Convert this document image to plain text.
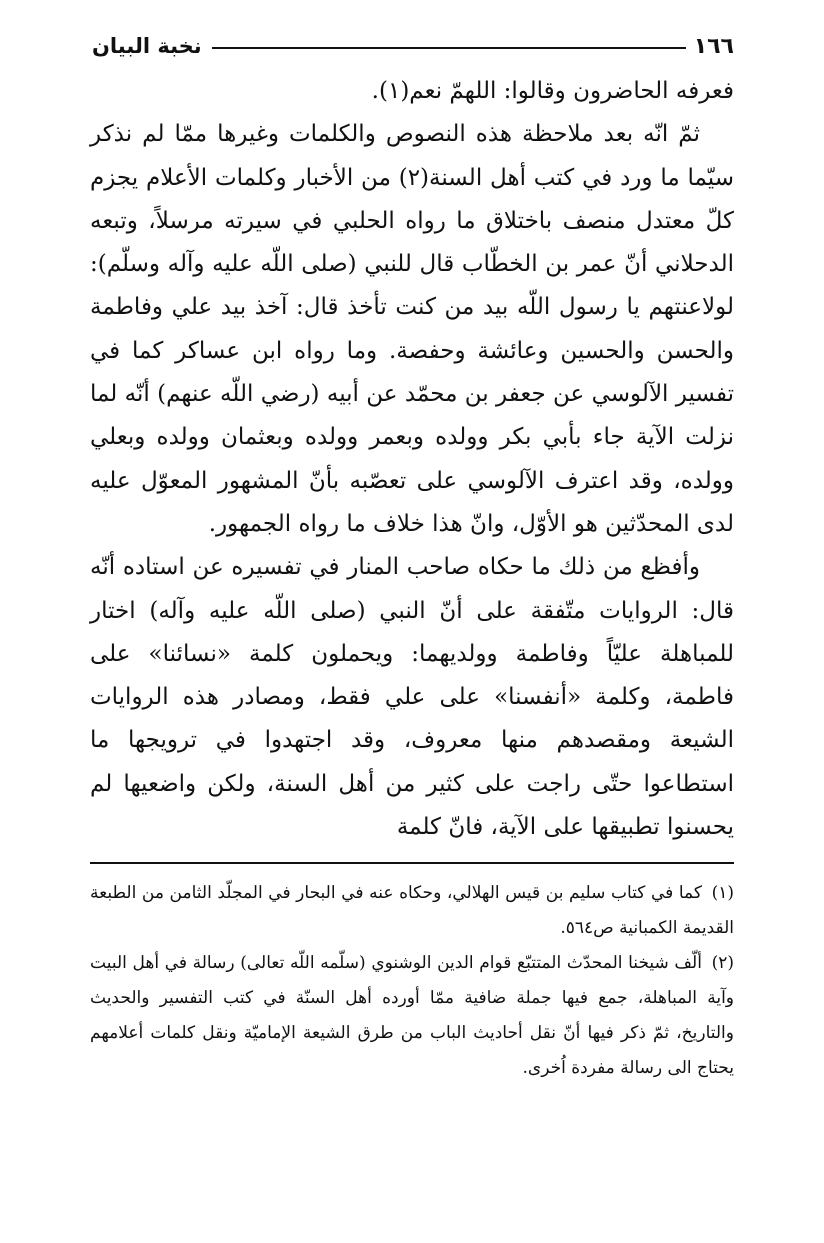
١٦٦
نخبة البيان

فعرفه الحاضرون وقالوا: اللهمّ نعم(١).

ثمّ انّه بعد ملاحظة هذه النصوص والكلمات وغيرها ممّا لم نذكر سيّما ما ورد في كتب أهل السنة(٢) من الأخبار وكلمات الأعلام يجزم كلّ معتدل منصف باختلاق ما رواه الحلبي في سيرته مرسلاً، وتبعه الدحلاني أنّ عمر بن الخطّاب قال للنبي (صلى اللّه عليه وآله وسلّم): لولاعنتهم يا رسول اللّه بيد من كنت تأخذ قال: آخذ بيد علي وفاطمة والحسن والحسين وعائشة وحفصة. وما رواه ابن عساكر كما في تفسير الآلوسي عن جعفر بن محمّد عن أبيه (رضي اللّه عنهم) أنّه لما نزلت الآية جاء بأبي بكر وولده وبعمر وولده وبعثمان وولده وبعلي وولده، وقد اعترف الآلوسي على تعصّبه بأنّ المشهور المعوّل عليه لدى المحدّثين هو الأوّل، وانّ هذا خلاف ما رواه الجمهور.

وأفظع من ذلك ما حكاه صاحب المنار في تفسيره عن استاده أنّه قال: الروايات متّفقة على أنّ النبي (صلى اللّه عليه وآله) اختار للمباهلة عليّاً وفاطمة وولديهما: ويحملون كلمة «نسائنا» على فاطمة، وكلمة «أنفسنا» على علي فقط، ومصادر هذه الروايات الشيعة ومقصدهم منها معروف، وقد اجتهدوا في ترويجها ما استطاعوا حتّى راجت على كثير من أهل السنة، ولكن واضعيها لم يحسنوا تطبيقها على الآية، فانّ كلمة

(١) كما في كتاب سليم بن قيس الهلالي، وحكاه عنه في البحار في المجلّد الثامن من الطبعة القديمة الكمبانية ص٥٦٤.

(٢) ألّف شيخنا المحدّث المتتبّع قوام الدين الوشنوي (سلّمه اللّه تعالى) رسالة في أهل البيت وآية المباهلة، جمع فيها جملة ضافية ممّا أورده أهل السنّة في كتب التفسير والحديث والتاريخ، ثمّ ذكر فيها أنّ نقل أحاديث الباب من طرق الشيعة الإماميّة ونقل كلمات أعلامهم يحتاج الى رسالة مفردة اُخرى.
